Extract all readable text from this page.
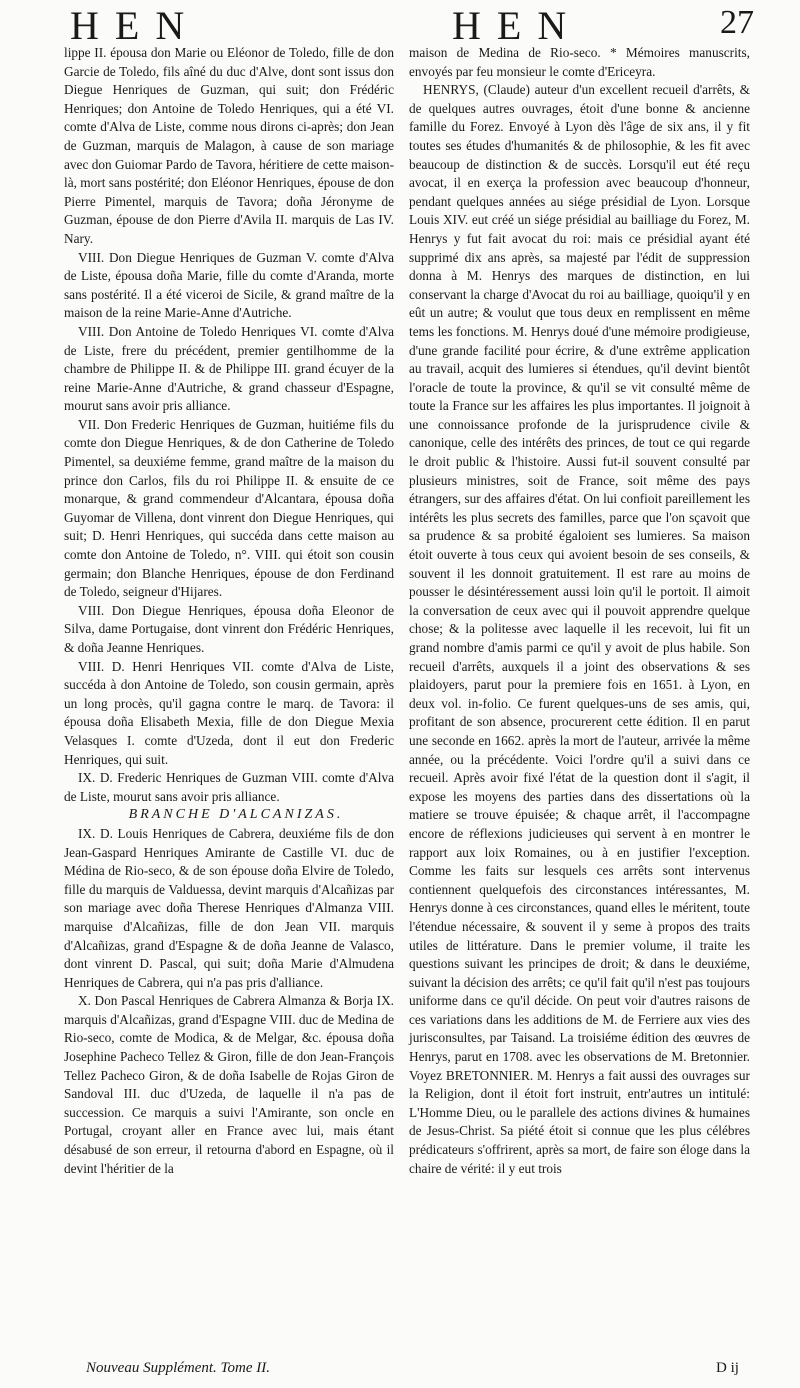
HEN	HEN	27

lippe II. épousa don Marie ou Eléonor de Toledo, fille de don Garcie de Toledo, fils aîné du duc d'Alve, dont sont issus don Diegue Henriques de Guzman, qui suit; don Frédéric Henriques; don Antoine de Toledo Henriques, qui a été VI. comte d'Alva de Liste, comme nous dirons ci-après; don Jean de Guzman, marquis de Malagon, à cause de son mariage avec don Guiomar Pardo de Tavora, héritiere de cette maison-là, mort sans postérité; don Eléonor Henriques, épouse de don Pierre Pimentel, marquis de Tavora; doña Jéronyme de Guzman, épouse de don Pierre d'Avila II. marquis de Las IV. Nary.

VIII. Don Diegue Henriques de Guzman V. comte d'Alva de Liste, épousa doña Marie, fille du comte d'Aranda, morte sans postérité. Il a été viceroi de Sicile, & grand maître de la maison de la reine Marie-Anne d'Autriche.

VIII. Don Antoine de Toledo Henriques VI. comte d'Alva de Liste, frere du précédent, premier gentilhomme de la chambre de Philippe II. & de Philippe III. grand écuyer de la reine Marie-Anne d'Autriche, & grand chasseur d'Espagne, mourut sans avoir pris alliance.

VII. Don Frederic Henriques de Guzman, huitiéme fils du comte don Diegue Henriques, & de don Catherine de Toledo Pimentel, sa deuxiéme femme, grand maître de la maison du prince don Carlos, fils du roi Philippe II. & ensuite de ce monarque, & grand commendeur d'Alcantara, épousa doña Guyomar de Villena, dont vinrent don Diegue Henriques, qui suit; D. Henri Henriques, qui succéda dans cette maison au comte don Antoine de Toledo, n°. VIII. qui étoit son cousin germain; don Blanche Henriques, épouse de don Ferdinand de Toledo, seigneur d'Hijares.

VIII. Don Diegue Henriques, épousa doña Eleonor de Silva, dame Portugaise, dont vinrent don Frédéric Henriques, & doña Jeanne Henriques.

VIII. D. Henri Henriques VII. comte d'Alva de Liste, succéda à don Antoine de Toledo, son cousin germain, après un long procès, qu'il gagna contre le marq. de Tavora: il épousa doña Elisabeth Mexia, fille de don Diegue Mexia Velasques I. comte d'Uzeda, dont il eut don Frederic Henriques, qui suit.

IX. D. Frederic Henriques de Guzman VIII. comte d'Alva de Liste, mourut sans avoir pris alliance.

BRANCHE D'ALCANIZAS.

IX. D. Louis Henriques de Cabrera, deuxiéme fils de don Jean-Gaspard Henriques Amirante de Castille VI. duc de Médina de Rio-seco, & de son épouse doña Elvire de Toledo, fille du marquis de Valduessa, devint marquis d'Alcañizas par son mariage avec doña Therese Henriques d'Almanza VIII. marquise d'Alcañizas, fille de don Jean VII. marquis d'Alcañizas, grand d'Espagne & de doña Jeanne de Valasco, dont vinrent D. Pascal, qui suit; doña Marie d'Almudena Henriques de Cabrera, qui n'a pas pris d'alliance.

X. Don Pascal Henriques de Cabrera Almanza & Borja IX. marquis d'Alcañizas, grand d'Espagne VIII. duc de Medina de Rio-seco, comte de Modica, & de Melgar, &c. épousa doña Josephine Pacheco Tellez & Giron, fille de don Jean-François Tellez Pacheco Giron, & de doña Isabelle de Rojas Giron de Sandoval III. duc d'Uzeda, de laquelle il n'a pas de succession. Ce marquis a suivi l'Amirante, son oncle en Portugal, croyant aller en France avec lui, mais étant désabusé de son erreur, il retourna d'abord en Espagne, où il devint l'héritier de la

maison de Medina de Rio-seco. * Mémoires manuscrits, envoyés par feu monsieur le comte d'Ericeyra.

HENRYS, (Claude) auteur d'un excellent recueil d'arrêts, & de quelques autres ouvrages, étoit d'une bonne & ancienne famille du Forez. Envoyé à Lyon dès l'âge de six ans, il y fit toutes ses études d'humanités & de philosophie, & les fit avec beaucoup de distinction & de succès. Lorsqu'il eut été reçu avocat, il en exerça la profession avec beaucoup d'honneur, pendant quelques années au siége présidial de Lyon. Lorsque Louis XIV. eut créé un siége présidial au bailliage du Forez, M. Henrys y fut fait avocat du roi: mais ce présidial ayant été supprimé dix ans après, sa majesté par l'édit de suppression donna à M. Henrys des marques de distinction, en lui conservant la charge d'Avocat du roi au bailliage, quoiqu'il y en eût un autre; & voulut que tous deux en remplissent en même tems les fonctions. M. Henrys doué d'une mémoire prodigieuse, d'une grande facilité pour écrire, & d'une extrême application au travail, acquit des lumieres si étendues, qu'il devint bientôt l'oracle de toute la province, & qu'il se vit consulté même de toute la France sur les affaires les plus importantes. Il joignoit à une connoissance profonde de la jurisprudence civile & canonique, celle des intérêts des princes, de tout ce qui regarde le droit public & l'histoire. Aussi fut-il souvent consulté par plusieurs ministres, soit de France, soit même des pays étrangers, sur des affaires d'état. On lui confioit pareillement les intérêts les plus secrets des familles, parce que l'on sçavoit que sa prudence & sa probité égaloient ses lumieres. Sa maison étoit ouverte à tous ceux qui avoient besoin de ses conseils, & souvent il les donnoit gratuitement. Il est rare au moins de pousser le désintéressement aussi loin qu'il le portoit. Il aimoit la conversation de ceux avec qui il pouvoit apprendre quelque chose; & la politesse avec laquelle il les recevoit, lui fit un grand nombre d'amis parmi ce qu'il y avoit de plus habile. Son recueil d'arrêts, auxquels il a joint des observations & ses plaidoyers, parut pour la premiere fois en 1651. à Lyon, en deux vol. in-folio. Ce furent quelques-uns de ses amis, qui, profitant de son absence, procurerent cette édition. Il en parut une seconde en 1662. après la mort de l'auteur, arrivée la même année, ou la précédente. Voici l'ordre qu'il a suivi dans ce recueil. Après avoir fixé l'état de la question dont il s'agit, il expose les moyens des parties dans des dissertations où la matiere se trouve épuisée; & chaque arrêt, il l'accompagne encore de réflexions judicieuses qui servent à en montrer le rapport aux loix Romaines, ou à en justifier l'exception. Comme les faits sur lesquels ces arrêts sont intervenus contiennent quelquefois des circonstances intéressantes, M. Henrys donne à ces circonstances, quand elles le méritent, toute l'étendue nécessaire, & souvent il y seme à propos des traits utiles de littérature. Dans le premier volume, il traite les questions suivant les principes de droit; & dans le deuxiéme, suivant la décision des arrêts; ce qu'il fait qu'il n'est pas toujours uniforme dans ce qu'il décide. On peut voir d'autres raisons de ces variations dans les additions de M. de Ferriere aux vies des jurisconsultes, par Taisand. La troisiéme édition des œuvres de Henrys, parut en 1708. avec les observations de M. Bretonnier. Voyez BRETONNIER. M. Henrys a fait aussi des ouvrages sur la Religion, dont il étoit fort instruit, entr'autres un intitulé: L'Homme Dieu, ou le parallele des actions divines & humaines de Jesus-Christ. Sa piété étoit si connue que les plus célébres prédicateurs s'offrirent, après sa mort, de faire son éloge dans la chaire de vérité: il y eut trois

Nouveau Supplément. Tome II.	D ij
